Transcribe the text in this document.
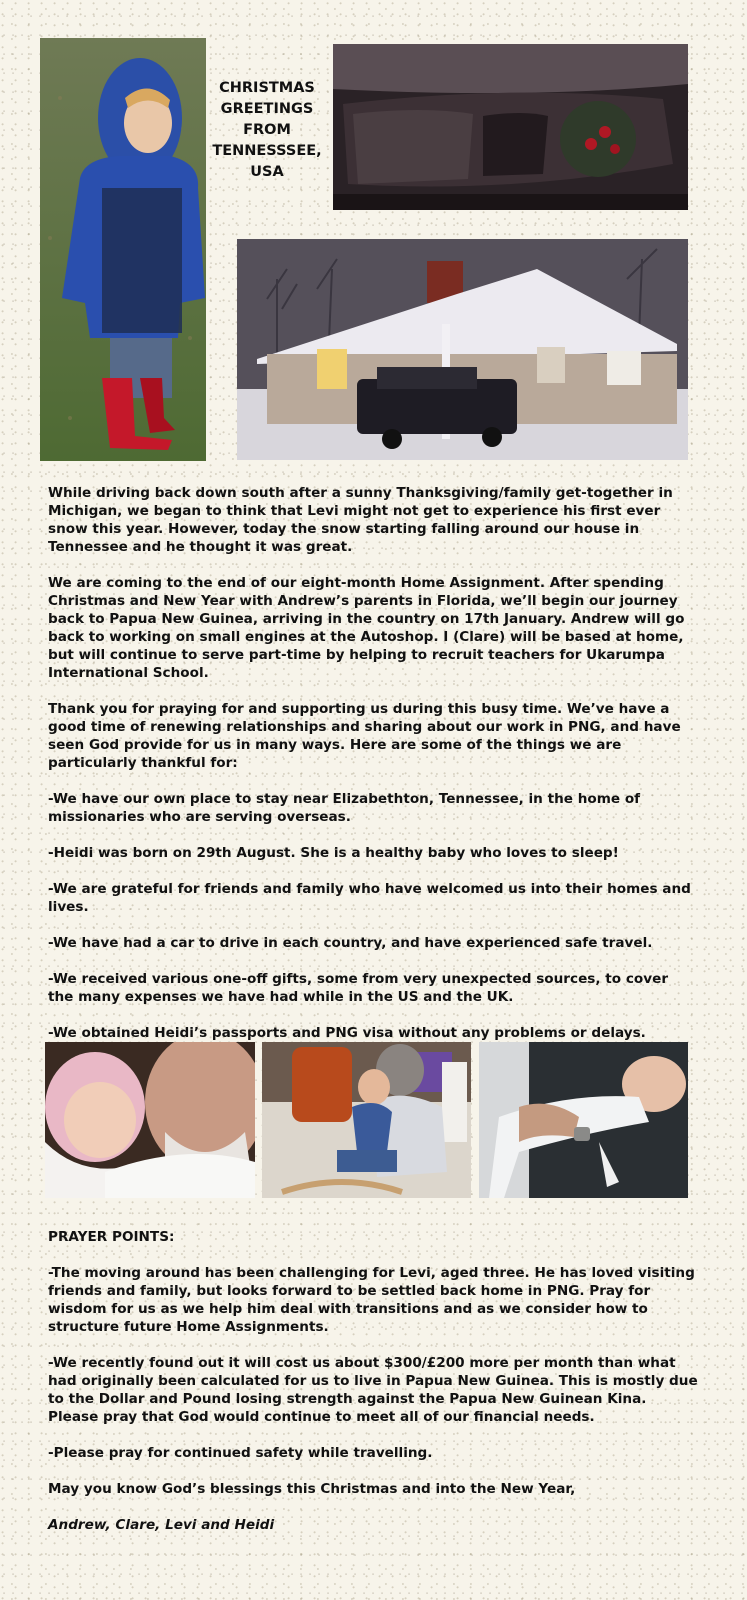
CHRISTMAS
GREETINGS
FROM
TENNESSSEE,
USA

While driving back down south after a sunny Thanksgiving/family get-together in Michigan, we began to think that Levi might not get to experience his first ever snow this year. However, today the snow starting falling around our house in Tennessee and he thought it was great.

We are coming to the end of our eight-month Home Assignment. After spending Christmas and New Year with Andrew’s parents in Florida, we’ll begin our journey back to Papua New Guinea, arriving in the country on 17th January. Andrew will go back to working on small engines at the Autoshop. I (Clare) will be based at home, but will continue to serve part-time by helping to recruit teachers for Ukarumpa International School.

Thank you for praying for and supporting us during this busy time. We’ve have a good time of renewing relationships and sharing about our work in PNG, and have seen God provide for us in many ways. Here are some of the things we are particularly thankful for:

-We have our own place to stay near Elizabethton, Tennessee, in the home of missionaries who are serving overseas.

-Heidi was born on 29th August. She is a healthy baby who loves to sleep!

-We are grateful for friends and family who have welcomed us into their homes and lives.

-We have had a car to drive in each country, and have experienced safe travel.

-We received various one-off gifts, some from very unexpected sources, to cover the many expenses we have had while in the US and the UK.

-We obtained Heidi’s passports and PNG visa without any problems or delays.

PRAYER POINTS:

-The moving around has been challenging for Levi, aged three. He has loved visiting friends and family, but looks forward to be settled back home in PNG. Pray for wisdom for us as we help him deal with transitions and as we consider how to structure future Home Assignments.

-We recently found out it will cost us about $300/£200 more per month than what had originally been calculated for us to live in Papua New Guinea. This is mostly due to the Dollar and Pound losing strength against the Papua New Guinean Kina. Please pray that God would continue to meet all of our financial needs.

-Please pray for continued safety while travelling.

May you know God’s blessings this Christmas and into the New Year,

Andrew, Clare, Levi and Heidi
